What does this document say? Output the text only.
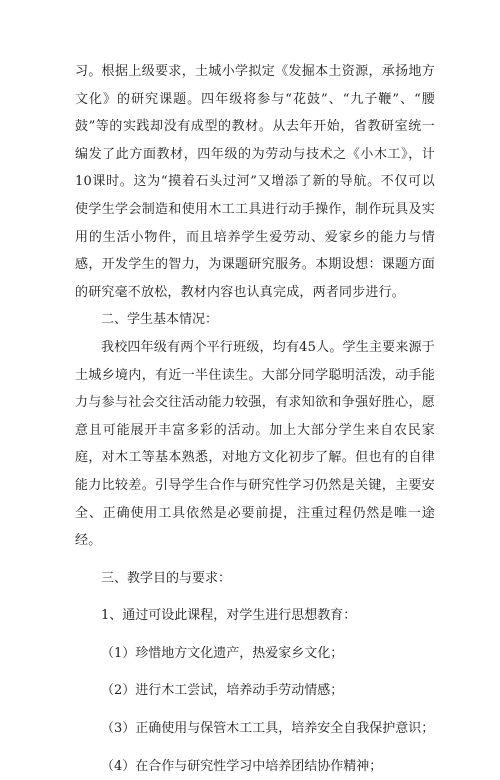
习。根据上级要求，土城小学拟定《发掘本土资源，承扬地方文化》的研究课题。四年级将参与“花鼓”、“九子鞭”、“腰鼓”等的实践却没有成型的教材。从去年开始，省教研室统一编发了此方面教材，四年级的为劳动与技术之《小木工》，计10课时。这为“摸着石头过河”又增添了新的导航。不仅可以使学生学会制造和使用木工工具进行动手操作，制作玩具及实用的生活小物件，而且培养学生爱劳动、爱家乡的能力与情感，开发学生的智力，为课题研究服务。本期设想：课题方面的研究毫不放松，教材内容也认真完成，两者同步进行。

二、学生基本情况：

我校四年级有两个平行班级，均有45人。学生主要来源于土城乡境内，有近一半住读生。大部分同学聪明活泼，动手能力与参与社会交往活动能力较强，有求知欲和争强好胜心，愿意且可能展开丰富多彩的活动。加上大部分学生来自农民家庭，对木工等基本熟悉，对地方文化初步了解。但也有的自律能力比较差。引导学生合作与研究性学习仍然是关键，主要安全、正确使用工具依然是必要前提，注重过程仍然是唯一途经。

三、教学目的与要求：

1、通过可设此课程，对学生进行思想教育：

（1）珍惜地方文化遗产，热爱家乡文化；

（2）进行木工尝试，培养动手劳动情感；

（3）正确使用与保管木工工具，培养安全自我保护意识；

（4）在合作与研究性学习中培养团结协作精神；
